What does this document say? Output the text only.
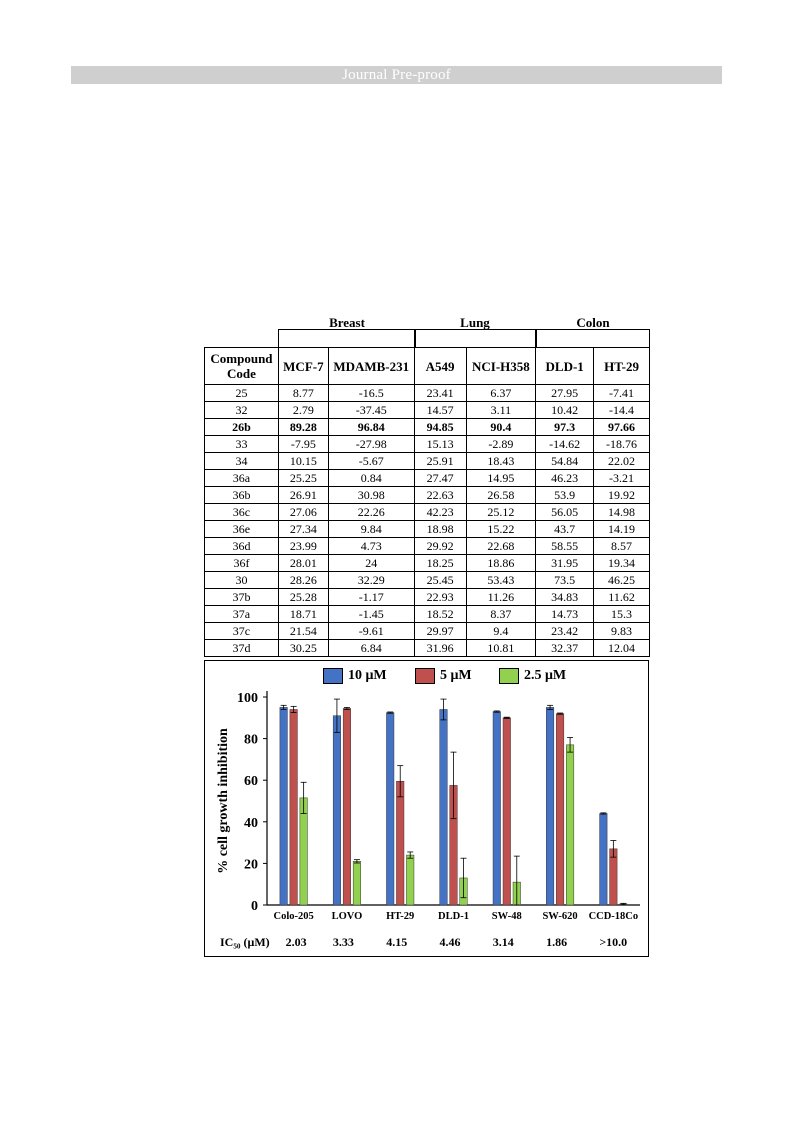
Journal Pre-proof
Breast	Lung	Colon
Compound Code	MCF-7	MDAMB-231	A549	NCI-H358	DLD-1	HT-29
25	8.77	-16.5	23.41	6.37	27.95	-7.41
32	2.79	-37.45	14.57	3.11	10.42	-14.4
26b	89.28	96.84	94.85	90.4	97.3	97.66
33	-7.95	-27.98	15.13	-2.89	-14.62	-18.76
34	10.15	-5.67	25.91	18.43	54.84	22.02
36a	25.25	0.84	27.47	14.95	46.23	-3.21
36b	26.91	30.98	22.63	26.58	53.9	19.92
36c	27.06	22.26	42.23	25.12	56.05	14.98
36e	27.34	9.84	18.98	15.22	43.7	14.19
36d	23.99	4.73	29.92	22.68	58.55	8.57
36f	28.01	24	18.25	18.86	31.95	19.34
30	28.26	32.29	25.45	53.43	73.5	46.25
37b	25.28	-1.17	22.93	11.26	34.83	11.62
37a	18.71	-1.45	18.52	8.37	14.73	15.3
37c	21.54	-9.61	29.97	9.4	23.42	9.83
37d	30.25	6.84	31.96	10.81	32.37	12.04
10 μM	5 μM	2.5 μM
% cell growth inhibition
0
20
40
60
80
100
Colo-205 LOVO HT-29 DLD-1 SW-48 SW-620 CCD-18Co
IC₅₀ (μM) 2.03 3.33	4.15	4.46	3.14	1.86	>10.0
